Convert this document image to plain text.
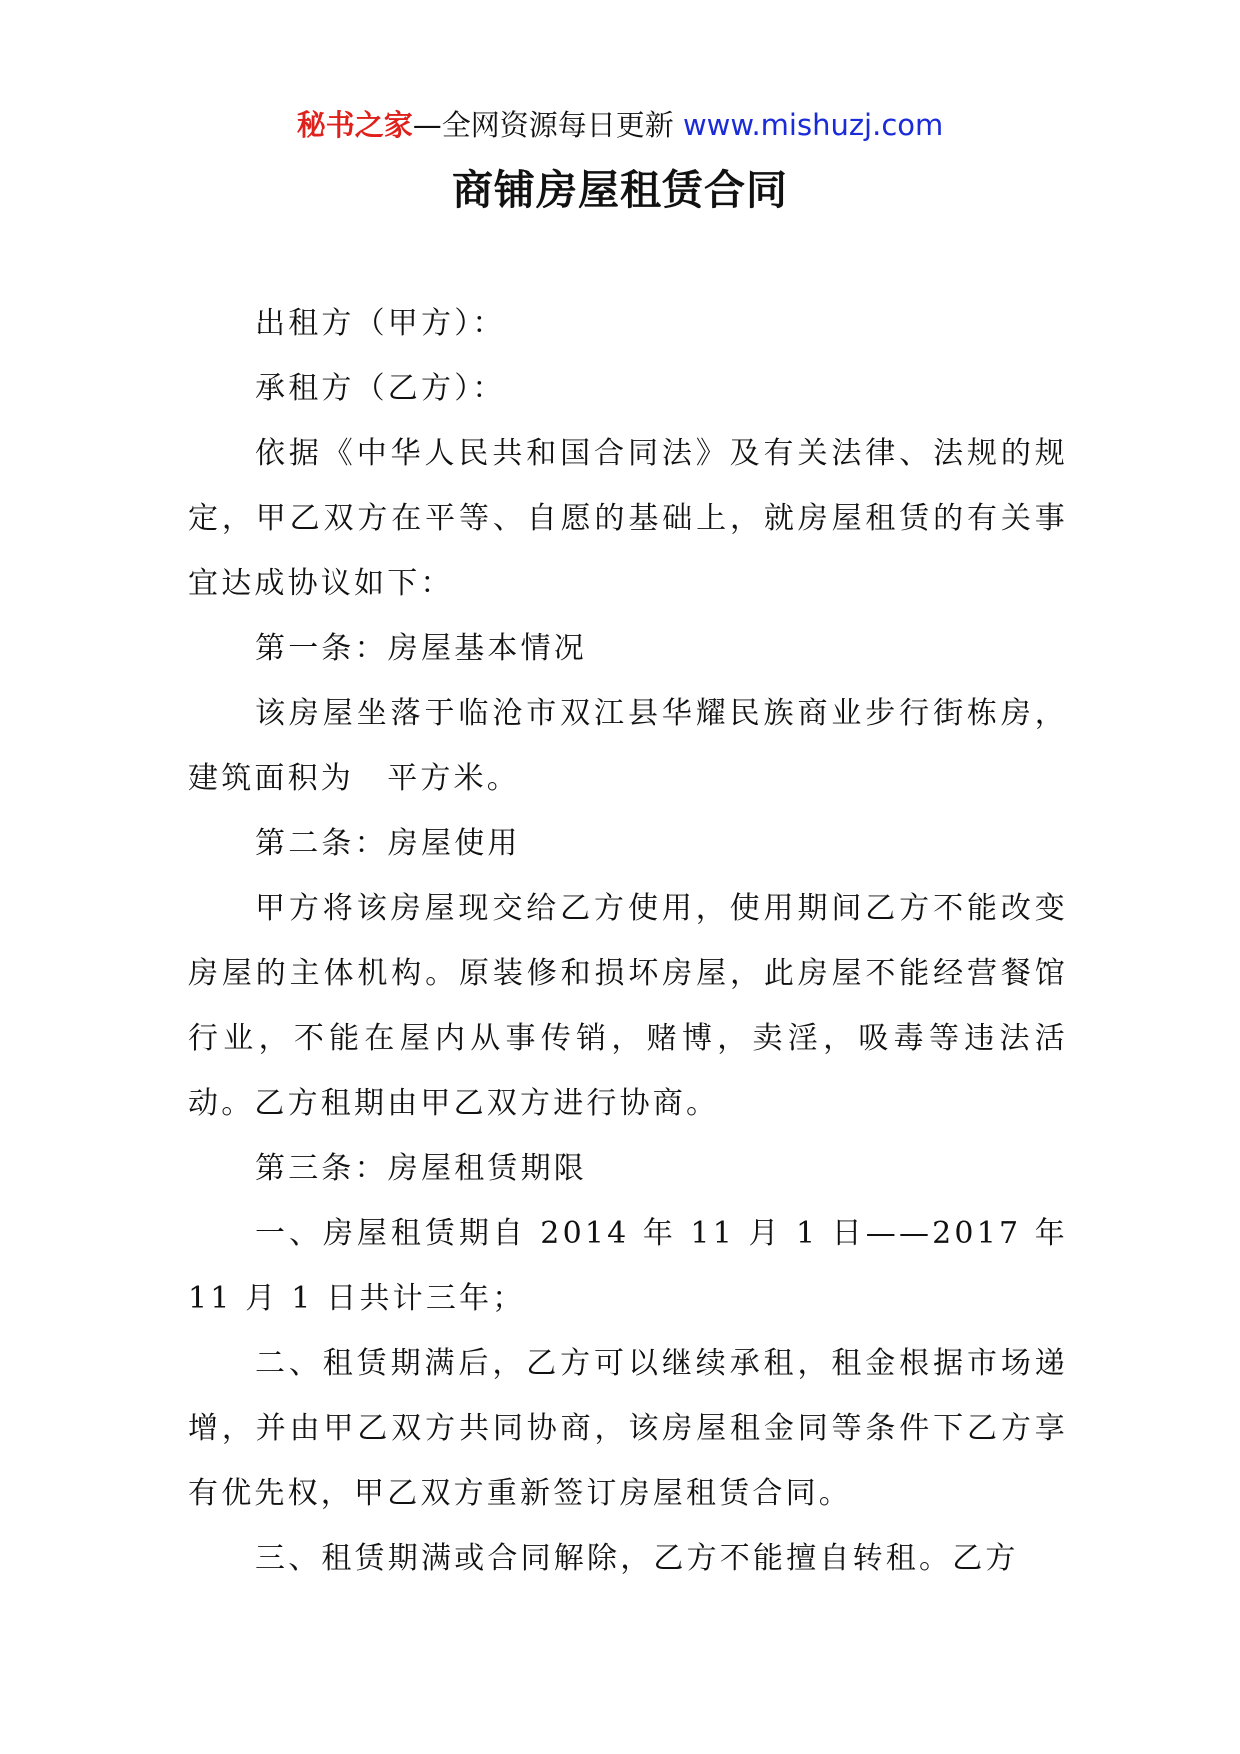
秘书之家—全网资源每日更新 www.mishuzj.com
商铺房屋租赁合同

出租方（甲方）：

承租方（乙方）：

依据《中华人民共和国合同法》及有关法律、法规的规定，甲乙双方在平等、自愿的基础上，就房屋租赁的有关事宜达成协议如下：

第一条：房屋基本情况

该房屋坐落于临沧市双江县华耀民族商业步行街栋房，建筑面积为　平方米。

第二条：房屋使用

甲方将该房屋现交给乙方使用，使用期间乙方不能改变房屋的主体机构。原装修和损坏房屋，此房屋不能经营餐馆行业，不能在屋内从事传销，赌博，卖淫，吸毒等违法活动。乙方租期由甲乙双方进行协商。

第三条：房屋租赁期限

一、房屋租赁期自 2014 年 11 月 1 日——2017 年 11 月 1 日共计三年；

二、租赁期满后，乙方可以继续承租，租金根据市场递增，并由甲乙双方共同协商，该房屋租金同等条件下乙方享有优先权，甲乙双方重新签订房屋租赁合同。

三、租赁期满或合同解除，乙方不能擅自转租。乙方
